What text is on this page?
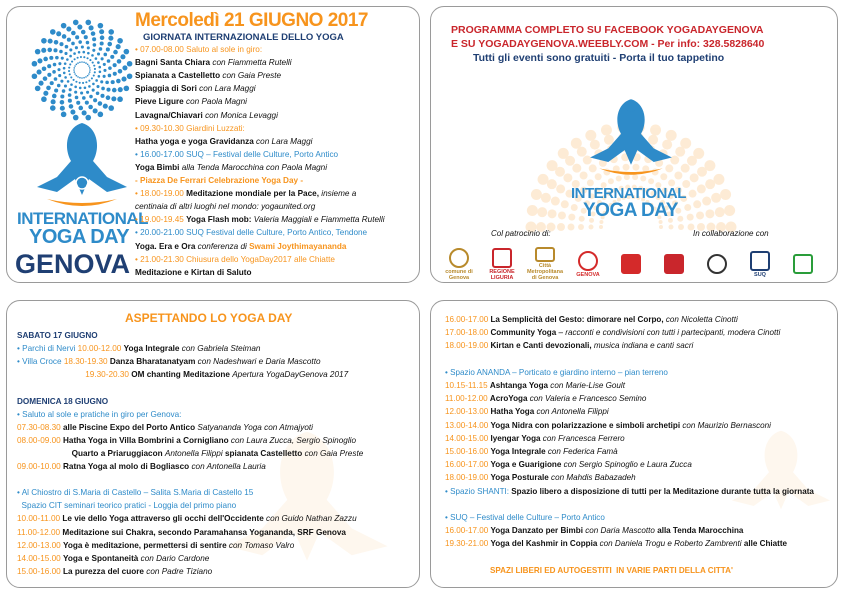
INTERNATIONAL
YOGA DAY
GENOVA
Mercoledì 21 GIUGNO 2017
GIORNATA INTERNAZIONALE DELLO YOGA
• 07.00-08.00 Saluto al sole in giro:
Bagni Santa Chiara con Fiammetta Rutelli
Spianata a Castelletto con Gaia Preste
Spiaggia di Sori con Lara Maggi
Pieve Ligure con Paola Magni
Lavagna/Chiavari con Monica Levaggi
• 09.30-10.30 Giardini Luzzati:
Hatha yoga e yoga Gravidanza con Lara Maggi
• 16.00-17.00 SUQ – Festival delle Culture, Porto Antico
Yoga Bimbi alla Tenda Marocchina con Paola Magni
- Piazza De Ferrari Celebrazione Yoga Day -
• 18.00-19.00 Meditazione mondiale per la Pace, insieme a
centinaia di altri luoghi nel mondo: yogaunited.org
• 19.00-19.45 Yoga Flash mob: Valeria Maggiali e Fiammetta Rutelli
• 20.00-21.00 SUQ Festival delle Culture, Porto Antico, Tendone
Yoga. Era e Ora conferenza di Swami Joythimayananda
• 21.00-21.30 Chiusura dello YogaDay2017 alle Chiatte
Meditazione e Kirtan di Saluto
PROGRAMMA COMPLETO SU FACEBOOK YOGADAYGENOVA
E SU YOGADAYGENOVA.WEEBLY.COM - Per info: 328.5828640
Tutti gli eventi sono gratuiti - Porta il tuo tappetino
INTERNATIONAL
YOGA DAY
Col patrocinio di:	In collaborazione con
comune di Genova
REGIONE LIGURIA
Città Metropolitana di Genova
GENOVA	SUQ
ASPETTANDO LO YOGA DAY
SABATO 17 GIUGNO
• Parchi di Nervi 10.00-12.00 Yoga Integrale con Gabriela Steiman
• Villa Croce 18.30-19.30 Danza Bharatanatyam con Nadeshwari e Daria Mascotto
19.30-20.30 OM chanting Meditazione Apertura YogaDayGenova 2017

DOMENICA 18 GIUGNO
• Saluto al sole e pratiche in giro per Genova:
07.30-08.30 alle Piscine Expo del Porto Antico Satyananda Yoga con Atmajyoti
08.00-09.00 Hatha Yoga in Villa Bombrini a Cornigliano con Laura Zucca, Sergio Spinoglio
Quarto a Priaruggiacon Antonella Filippi spianata Castelletto con Gaia Preste
09.00-10.00 Ratna Yoga al molo di Bogliasco con Antonella Lauria

• Al Chiostro di S.Maria di Castello – Salita S.Maria di Castello 15
Spazio CIT seminari teorico pratici - Loggia del primo piano
10.00-11.00 Le vie dello Yoga attraverso gli occhi dell'Occidente con Guido Nathan Zazzu
11.00-12.00 Meditazione sui Chakra, secondo Paramahansa Yogananda, SRF Genova
12.00-13.00 Yoga è meditazione, permettersi di sentire con Tomaso Valro
14.00-15.00 Yoga e Spontaneità con Dario Cardone
15.00-16.00 La purezza del cuore con Padre Tiziano
16.00-17.00 La Semplicità del Gesto: dimorare nel Corpo, con Nicoletta Cinotti
17.00-18.00 Community Yoga – racconti e condivisioni con tutti i partecipanti, modera Cinotti
18.00-19.00 Kirtan e Canti devozionali, musica indiana e canti sacri

• Spazio ANANDA – Porticato e giardino interno – pian terreno
10.15-11.15 Ashtanga Yoga con Marie-Lise Goult
11.00-12.00 AcroYoga con Valeria e Francesco Semino
12.00-13.00 Hatha Yoga con Antonella Filippi
13.00-14.00 Yoga Nidra con polarizzazione e simboli archetipi con Maurizio Bernasconi
14.00-15.00 Iyengar Yoga con Francesca Ferrero
15.00-16.00 Yoga Integrale con Federica Famà
16.00-17.00 Yoga e Guarigione con Sergio Spinoglio e Laura Zucca
18.00-19.00 Yoga Posturale con Mahdis Babazadeh
• Spazio SHANTI: Spazio libero a disposizione di tutti per la Meditazione durante tutta la giornata

• SUQ – Festival delle Culture – Porto Antico
16.00-17.00 Yoga Danzato per Bimbi con Daria Mascotto alla Tenda Marocchina
19.30-21.00 Yoga del Kashmir in Coppia con Daniela Trogu e Roberto Zambrenti alle Chiatte

SPAZI LIBERI ED AUTOGESTITI  IN VARIE PARTI DELLA CITTA'
